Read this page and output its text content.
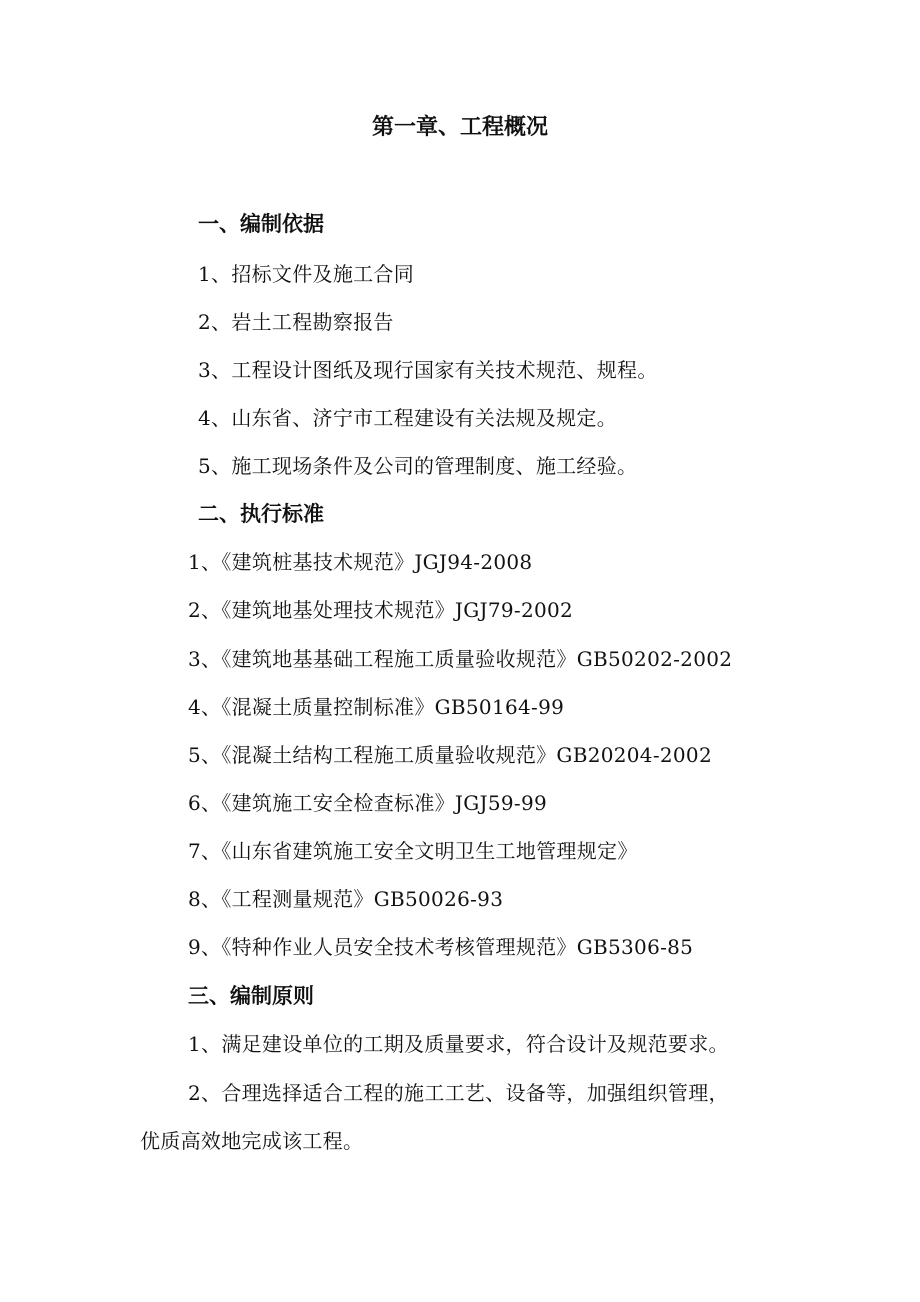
第一章、工程概况
一、编制依据
1、招标文件及施工合同
2、岩土工程勘察报告
3、工程设计图纸及现行国家有关技术规范、规程。
4、山东省、济宁市工程建设有关法规及规定。
5、施工现场条件及公司的管理制度、施工经验。
二、执行标准
1、《建筑桩基技术规范》JGJ94-2008
2、《建筑地基处理技术规范》JGJ79-2002
3、《建筑地基基础工程施工质量验收规范》GB50202-2002
4、《混凝土质量控制标准》GB50164-99
5、《混凝土结构工程施工质量验收规范》GB20204-2002
6、《建筑施工安全检查标准》JGJ59-99
7、《山东省建筑施工安全文明卫生工地管理规定》
8、《工程测量规范》GB50026-93
9、《特种作业人员安全技术考核管理规范》GB5306-85
三、编制原则
1、满足建设单位的工期及质量要求，符合设计及规范要求。
2、合理选择适合工程的施工工艺、设备等，加强组织管理，
优质高效地完成该工程。
